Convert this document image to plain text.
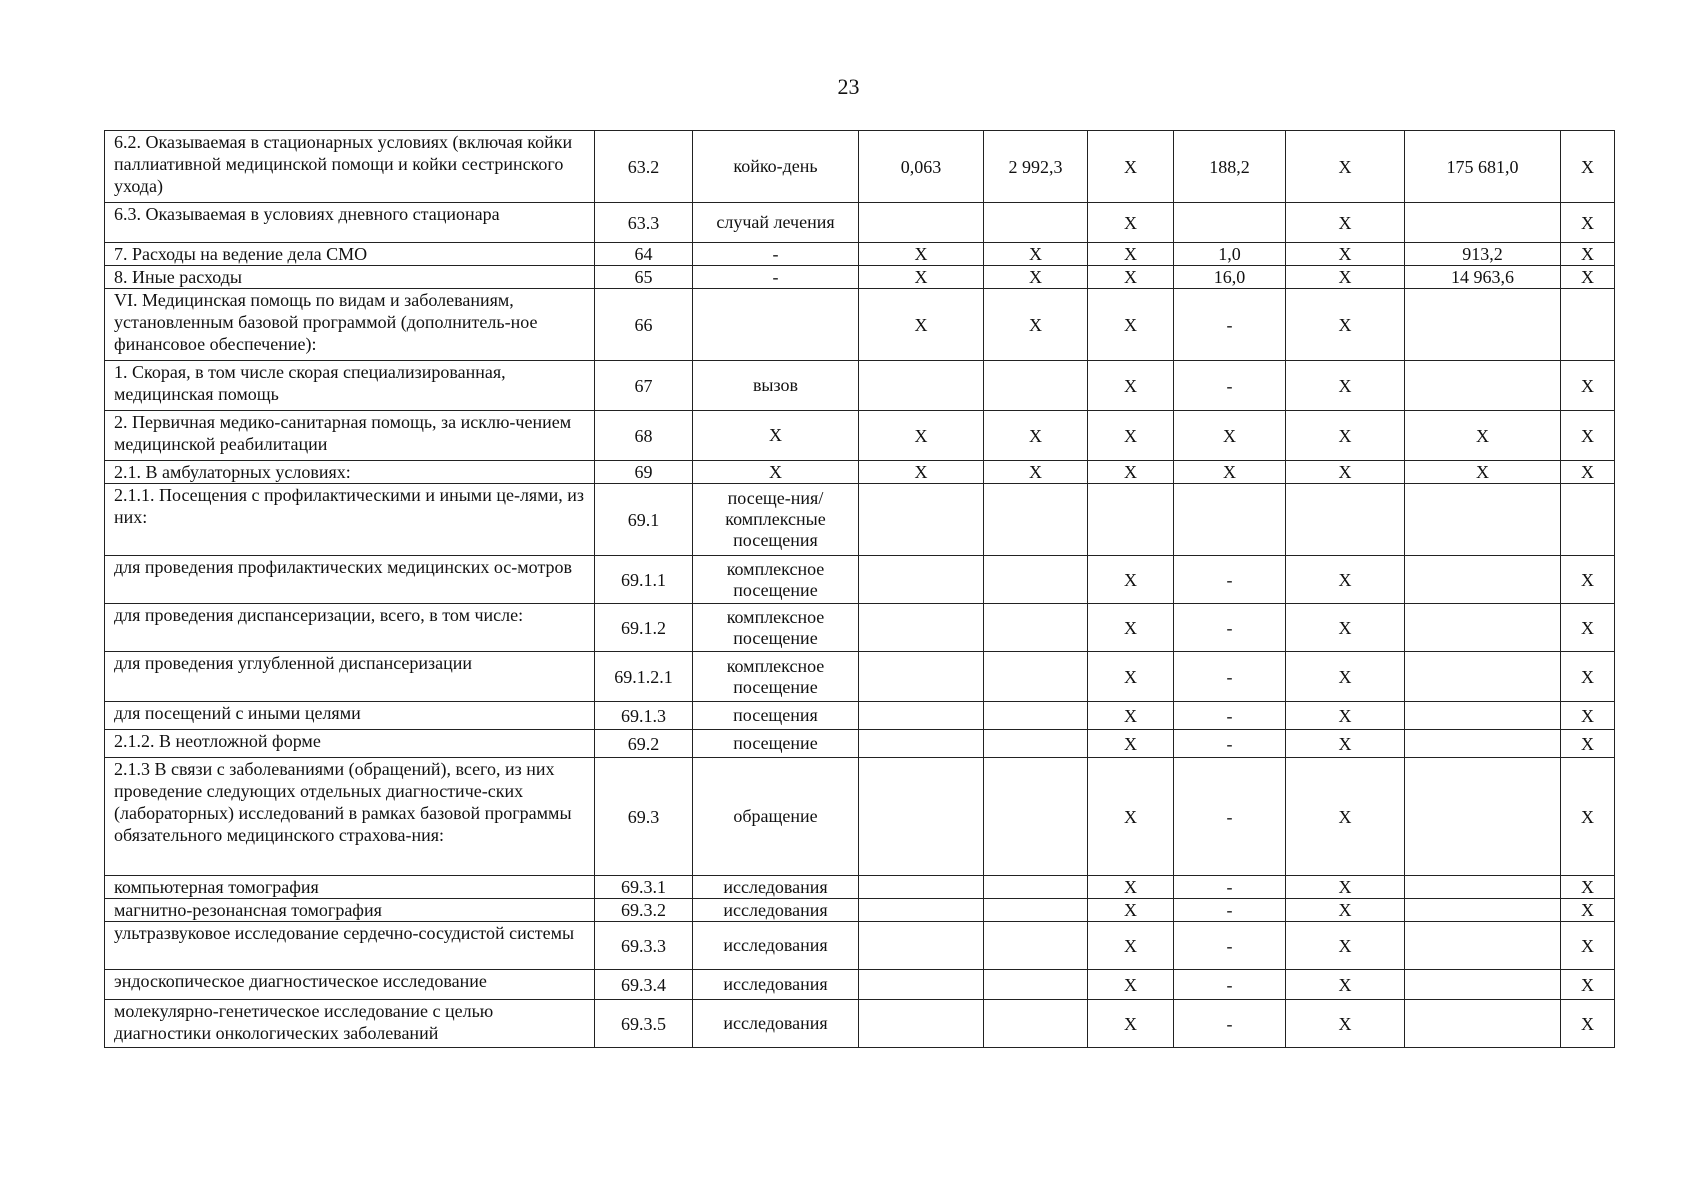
23
6.2. Оказываемая в стационарных условиях (включая койки паллиативной медицинской помощи и койки сестринского ухода)	63.2	койко-день	0,063	2 992,3	X	188,2	X	175 681,0	X
6.3. Оказываемая в условиях дневного стационара	63.3	случай лечения			X		X		X
7. Расходы на ведение дела СМО	64	-	X	X	X	1,0	X	913,2	X
8. Иные расходы	65	-	X	X	X	16,0	X	14 963,6	X
VI. Медицинская помощь по видам и заболеваниям, установленным базовой программой (дополнитель-ное финансовое обеспечение):	66		X	X	X	-	X		
1. Скорая, в том числе скорая специализированная, медицинская помощь	67	вызов			X	-	X		X
2. Первичная медико-санитарная помощь, за исклю-чением медицинской реабилитации	68	X	X	X	X	X	X	X	X
2.1. В амбулаторных условиях:	69	X	X	X	X	X	X	X	X
2.1.1. Посещения с профилактическими и иными це-лями, из них:	69.1	посеще-ния/комплексные посещения							
для проведения профилактических медицинских ос-мотров	69.1.1	комплексное посещение			X	-	X		X
для проведения диспансеризации, всего, в том числе:	69.1.2	комплексное посещение			X	-	X		X
для проведения углубленной диспансеризации	69.1.2.1	комплексное посещение			X	-	X		X
для посещений с иными целями	69.1.3	посещения			X	-	X		X
2.1.2. В неотложной форме	69.2	посещение			X	-	X		X
2.1.3 В связи с заболеваниями (обращений), всего, из них проведение следующих отдельных диагностиче-ских (лабораторных) исследований в рамках базовой программы обязательного медицинского страхова-ния:	69.3	обращение			X	-	X		X
компьютерная томография	69.3.1	исследования			X	-	X		X
магнитно-резонансная томография	69.3.2	исследования			X	-	X		X
ультразвуковое исследование сердечно-сосудистой системы	69.3.3	исследования			X	-	X		X
эндоскопическое диагностическое исследование	69.3.4	исследования			X	-	X		X
молекулярно-генетическое исследование с целью диагностики онкологических заболеваний	69.3.5	исследования			X	-	X		X
